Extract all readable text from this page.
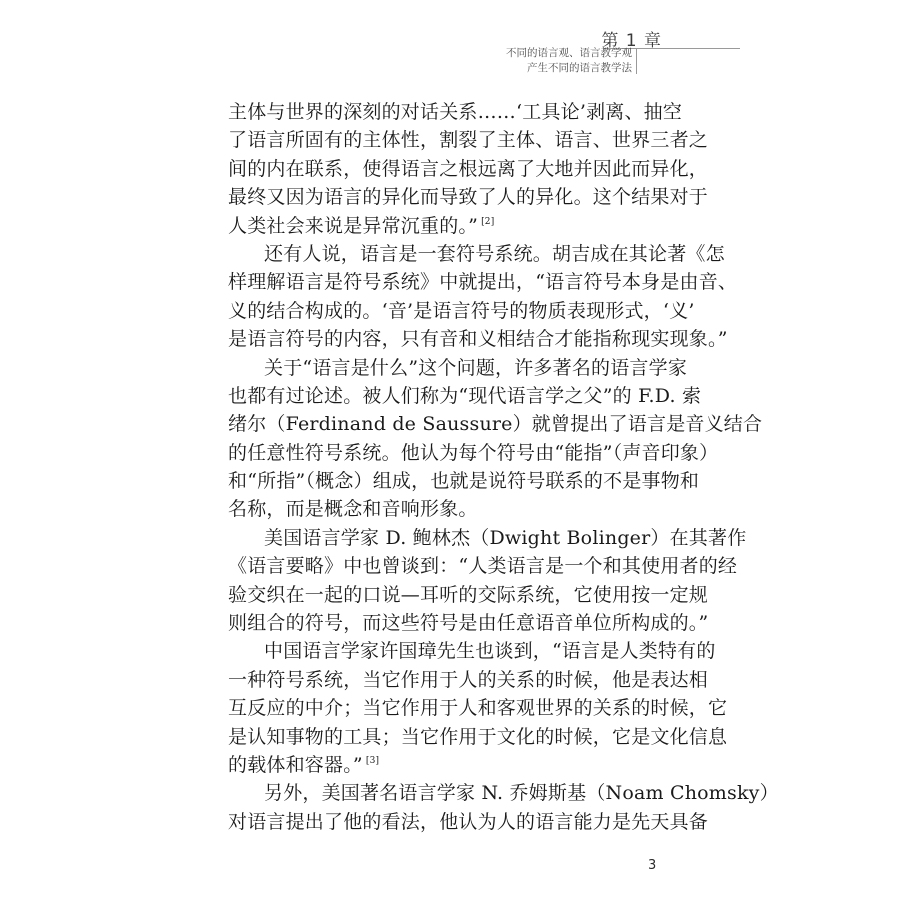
第 1 章
不同的语言观、语言教学观
产生不同的语言教学法
主体与世界的深刻的对话关系……‘工具论’剥离、抽空
了语言所固有的主体性，割裂了主体、语言、世界三者之
间的内在联系，使得语言之根远离了大地并因此而异化，
最终又因为语言的异化而导致了人的异化。这个结果对于
人类社会来说是异常沉重的。” [2]
还有人说，语言是一套符号系统。胡吉成在其论著《怎
样理解语言是符号系统》中就提出，“语言符号本身是由音、
义的结合构成的。‘音’是语言符号的物质表现形式，‘义’
是语言符号的内容，只有音和义相结合才能指称现实现象。”
关于“语言是什么”这个问题，许多著名的语言学家
也都有过论述。被人们称为“现代语言学之父”的 F.D. 索
绪尔（Ferdinand de Saussure）就曾提出了语言是音义结合
的任意性符号系统。他认为每个符号由“能指”（声音印象）
和“所指”（概念）组成，也就是说符号联系的不是事物和
名称，而是概念和音响形象。
美国语言学家 D. 鲍林杰（Dwight Bolinger）在其著作
《语言要略》中也曾谈到：“人类语言是一个和其使用者的经
验交织在一起的口说—耳听的交际系统，它使用按一定规
则组合的符号，而这些符号是由任意语音单位所构成的。”
中国语言学家许国璋先生也谈到，“语言是人类特有的
一种符号系统，当它作用于人的关系的时候，他是表达相
互反应的中介；当它作用于人和客观世界的关系的时候，它
是认知事物的工具；当它作用于文化的时候，它是文化信息
的载体和容器。” [3]
另外，美国著名语言学家 N. 乔姆斯基（Noam Chomsky）
对语言提出了他的看法，他认为人的语言能力是先天具备
3
